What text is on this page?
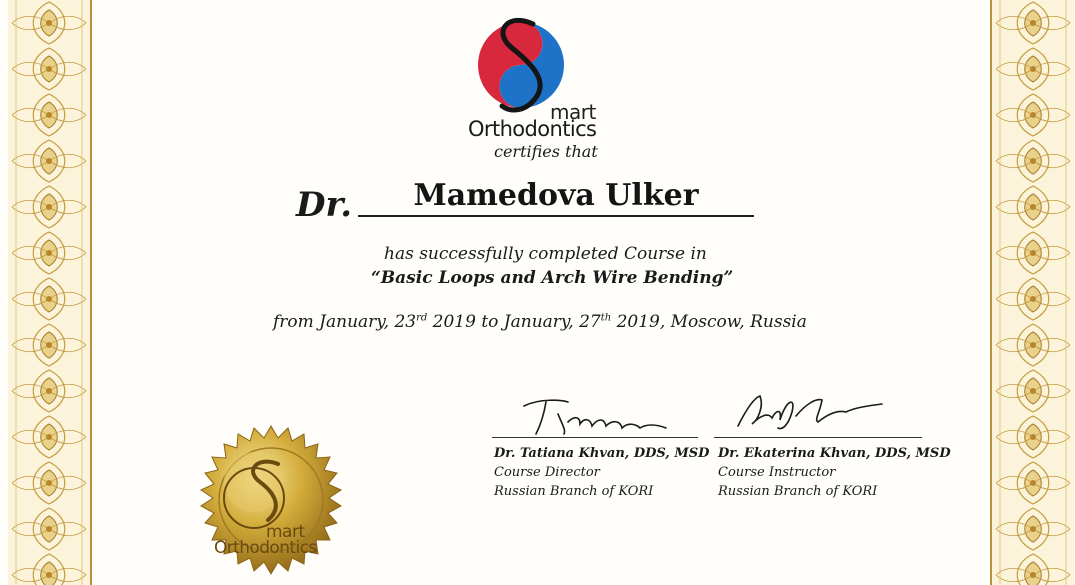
mart
Orthodontics
certifies that
Dr.	Mamedova Ulker
has successfully completed Course in
“Basic Loops and Arch Wire Bending”
from January, 23rd 2019 to January, 27th 2019, Moscow, Russia
Dr. Tatiana Khvan, DDS, MSD
Course Director
Russian Branch of KORI
Dr. Ekaterina Khvan, DDS, MSD
Course Instructor
Russian Branch of KORI
mart
Orthodontics
